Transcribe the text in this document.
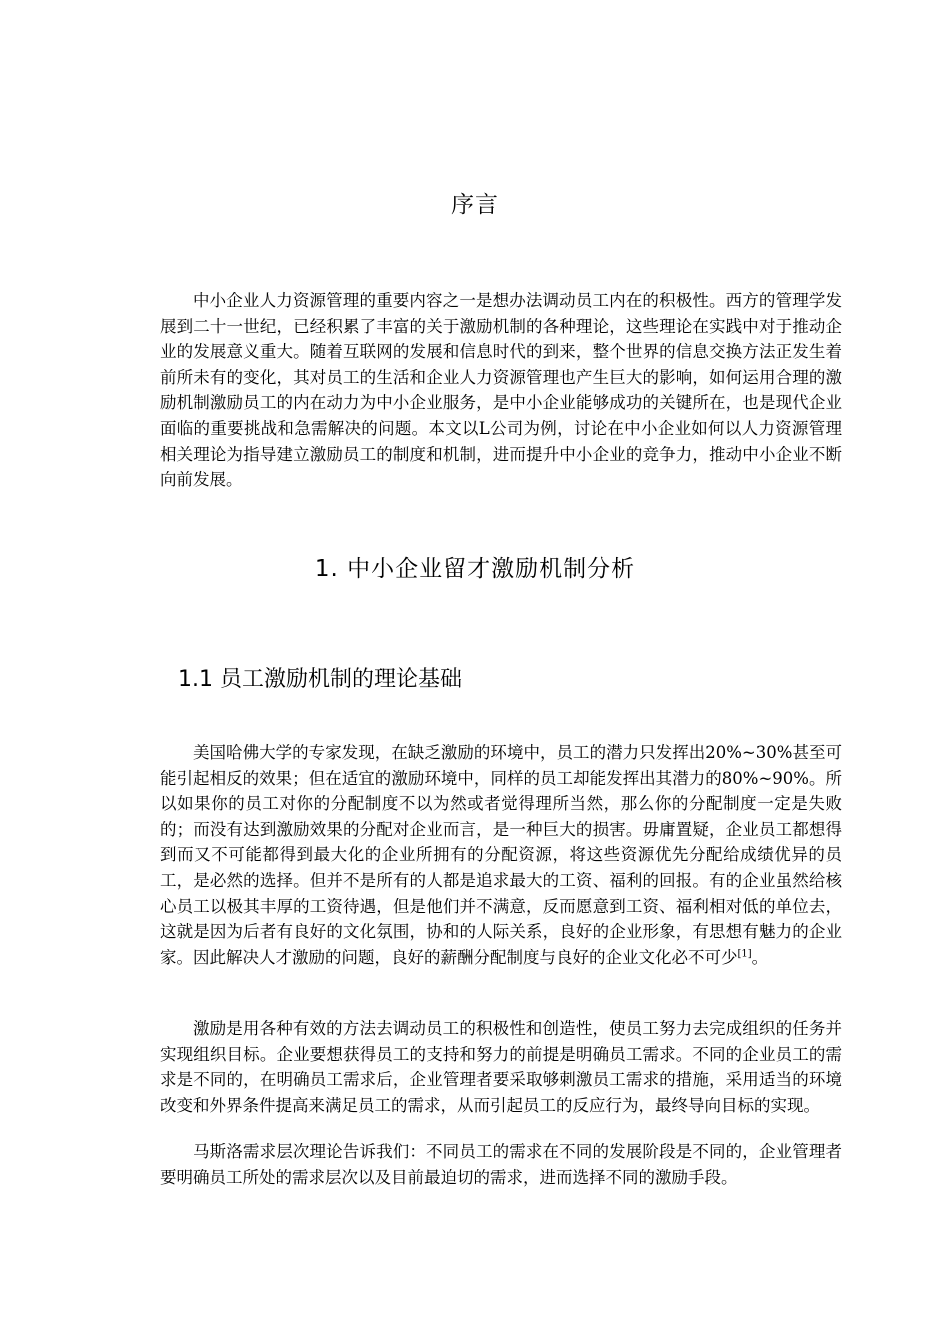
序言

中小企业人力资源管理的重要内容之一是想办法调动员工内在的积极性。西方的管理学发展到二十一世纪，已经积累了丰富的关于激励机制的各种理论，这些理论在实践中对于推动企业的发展意义重大。随着互联网的发展和信息时代的到来，整个世界的信息交换方法正发生着前所未有的变化，其对员工的生活和企业人力资源管理也产生巨大的影响，如何运用合理的激励机制激励员工的内在动力为中小企业服务，是中小企业能够成功的关键所在，也是现代企业面临的重要挑战和急需解决的问题。本文以L公司为例，讨论在中小企业如何以人力资源管理相关理论为指导建立激励员工的制度和机制，进而提升中小企业的竞争力，推动中小企业不断向前发展。

1. 中小企业留才激励机制分析
1.1 员工激励机制的理论基础

美国哈佛大学的专家发现，在缺乏激励的环境中，员工的潜力只发挥出20%~30%甚至可能引起相反的效果；但在适宜的激励环境中，同样的员工却能发挥出其潜力的80%~90%。所以如果你的员工对你的分配制度不以为然或者觉得理所当然，那么你的分配制度一定是失败的；而没有达到激励效果的分配对企业而言，是一种巨大的损害。毋庸置疑，企业员工都想得到而又不可能都得到最大化的企业所拥有的分配资源，将这些资源优先分配给成绩优异的员工，是必然的选择。但并不是所有的人都是追求最大的工资、福利的回报。有的企业虽然给核心员工以极其丰厚的工资待遇，但是他们并不满意，反而愿意到工资、福利相对低的单位去，这就是因为后者有良好的文化氛围，协和的人际关系，良好的企业形象，有思想有魅力的企业家。因此解决人才激励的问题，良好的薪酬分配制度与良好的企业文化必不可少[1]。

激励是用各种有效的方法去调动员工的积极性和创造性，使员工努力去完成组织的任务并实现组织目标。企业要想获得员工的支持和努力的前提是明确员工需求。不同的企业员工的需求是不同的，在明确员工需求后，企业管理者要采取够刺激员工需求的措施，采用适当的环境改变和外界条件提高来满足员工的需求，从而引起员工的反应行为，最终导向目标的实现。

马斯洛需求层次理论告诉我们：不同员工的需求在不同的发展阶段是不同的，企业管理者要明确员工所处的需求层次以及目前最迫切的需求，进而选择不同的激励手段。
